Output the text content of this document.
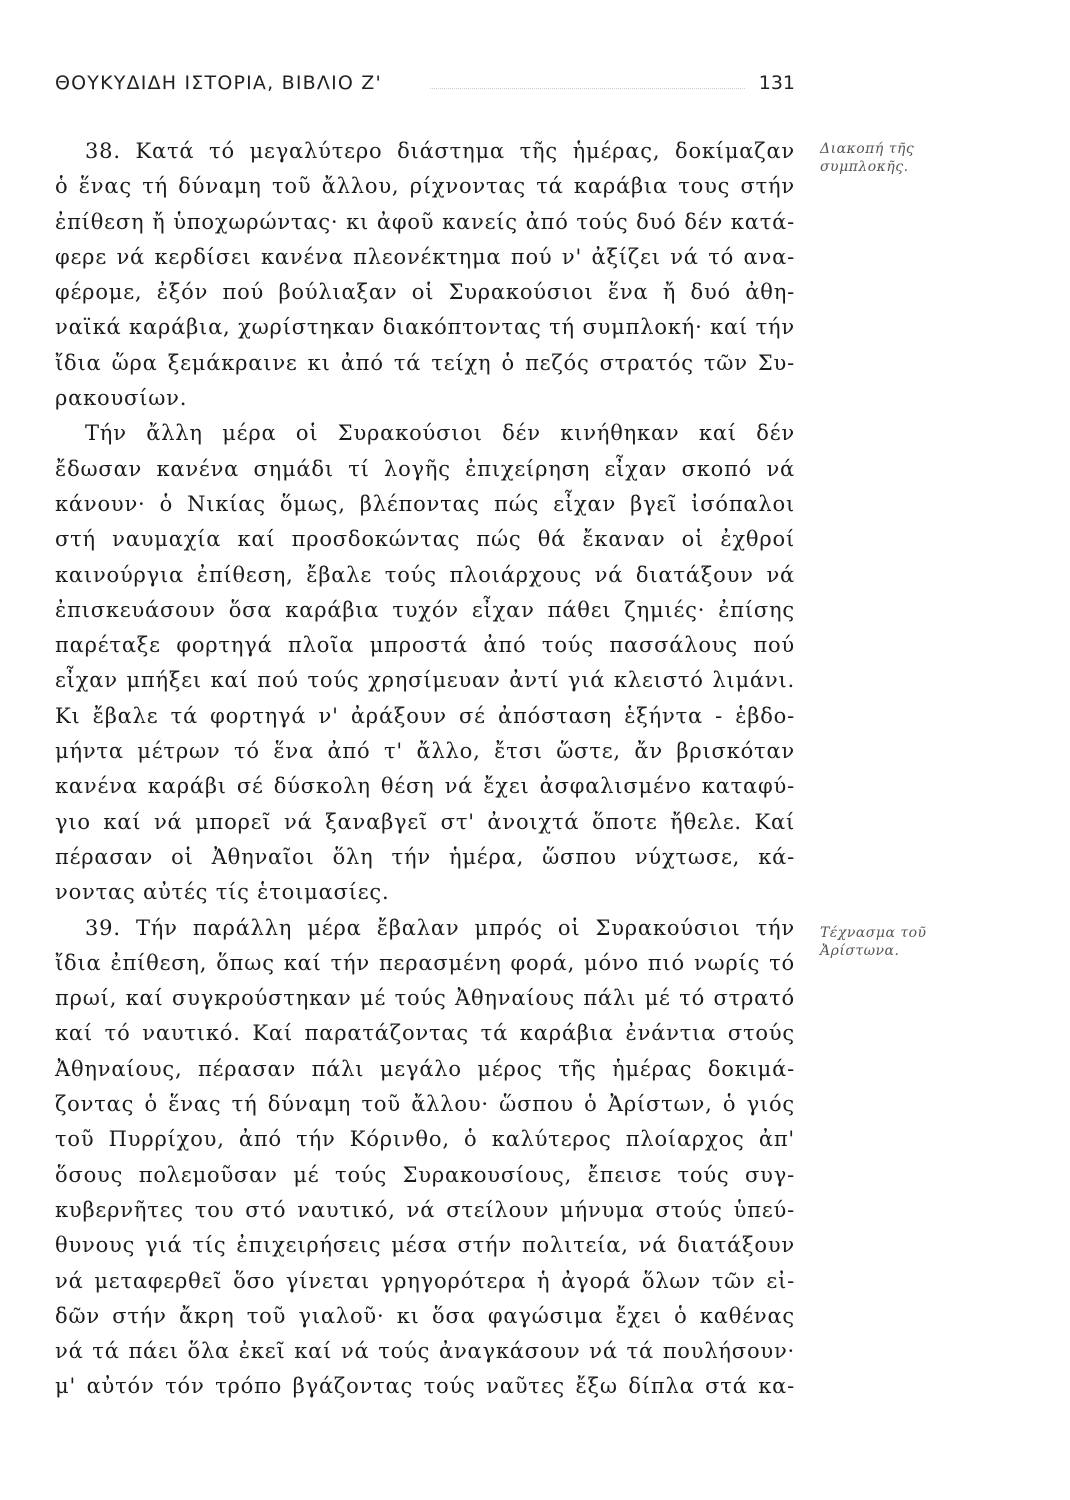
ΘΟΥΚΥΔΙΔΗ ΙΣΤΟΡΙΑ, ΒΙΒΛΙΟ Ζ'	131
Διακοπή τῆς
συμπλοκῆς.
Τέχνασμα τοῦ
Ἀρίστωνα.
38. Κατά τό μεγαλύτερο διάστημα τῆς ἡμέρας, δοκίμαζαν
ὁ ἕνας τή δύναμη τοῦ ἄλλου, ρίχνοντας τά καράβια τους στήν
ἐπίθεση ἤ ὑποχωρώντας· κι ἀφοῦ κανείς ἀπό τούς δυό δέν κατά-
φερε νά κερδίσει κανένα πλεονέκτημα πού ν' ἀξίζει νά τό ανα-
φέρομε, ἐξόν πού βούλιαξαν οἱ Συρακούσιοι ἕνα ἤ δυό ἀθη-
ναϊκά καράβια, χωρίστηκαν διακόπτοντας τή συμπλοκή· καί τήν
ἴδια ὥρα ξεμάκραινε κι ἀπό τά τείχη ὁ πεζός στρατός τῶν Συ-
ρακουσίων.
Τήν ἄλλη μέρα οἱ Συρακούσιοι δέν κινήθηκαν καί δέν
ἔδωσαν κανένα σημάδι τί λογῆς ἐπιχείρηση εἶχαν σκοπό νά
κάνουν· ὁ Νικίας ὅμως, βλέποντας πώς εἶχαν βγεῖ ἰσόπαλοι
στή ναυμαχία καί προσδοκώντας πώς θά ἔκαναν οἱ ἐχθροί
καινούργια ἐπίθεση, ἔβαλε τούς πλοιάρχους νά διατάξουν νά
ἐπισκευάσουν ὅσα καράβια τυχόν εἶχαν πάθει ζημιές· ἐπίσης
παρέταξε φορτηγά πλοῖα μπροστά ἀπό τούς πασσάλους πού
εἶχαν μπήξει καί πού τούς χρησίμευαν ἀντί γιά κλειστό λιμάνι.
Κι ἔβαλε τά φορτηγά ν' ἀράξουν σέ ἀπόσταση ἑξήντα - ἑβδο-
μήντα μέτρων τό ἕνα ἀπό τ' ἄλλο, ἔτσι ὥστε, ἄν βρισκόταν
κανένα καράβι σέ δύσκολη θέση νά ἔχει ἀσφαλισμένο καταφύ-
γιο καί νά μπορεῖ νά ξαναβγεῖ στ' ἀνοιχτά ὅποτε ἤθελε. Καί
πέρασαν οἱ Ἀθηναῖοι ὅλη τήν ἡμέρα, ὥσπου νύχτωσε, κά-
νοντας αὐτές τίς ἑτοιμασίες.
39. Τήν παράλλη μέρα ἔβαλαν μπρός οἱ Συρακούσιοι τήν
ἴδια ἐπίθεση, ὅπως καί τήν περασμένη φορά, μόνο πιό νωρίς τό
πρωί, καί συγκρούστηκαν μέ τούς Ἀθηναίους πάλι μέ τό στρατό
καί τό ναυτικό. Καί παρατάζοντας τά καράβια ἐνάντια στούς
Ἀθηναίους, πέρασαν πάλι μεγάλο μέρος τῆς ἡμέρας δοκιμά-
ζοντας ὁ ἕνας τή δύναμη τοῦ ἄλλου· ὥσπου ὁ Ἀρίστων, ὁ γιός
τοῦ Πυρρίχου, ἀπό τήν Κόρινθο, ὁ καλύτερος πλοίαρχος ἀπ'
ὅσους πολεμοῦσαν μέ τούς Συρακουσίους, ἔπεισε τούς συγ-
κυβερνῆτες του στό ναυτικό, νά στείλουν μήνυμα στούς ὑπεύ-
θυνους γιά τίς ἐπιχειρήσεις μέσα στήν πολιτεία, νά διατάξουν
νά μεταφερθεῖ ὅσο γίνεται γρηγορότερα ἡ ἀγορά ὅλων τῶν εἰ-
δῶν στήν ἄκρη τοῦ γιαλοῦ· κι ὅσα φαγώσιμα ἔχει ὁ καθένας
νά τά πάει ὅλα ἐκεῖ καί νά τούς ἀναγκάσουν νά τά πουλήσουν·
μ' αὐτόν τόν τρόπο βγάζοντας τούς ναῦτες ἔξω δίπλα στά κα-
